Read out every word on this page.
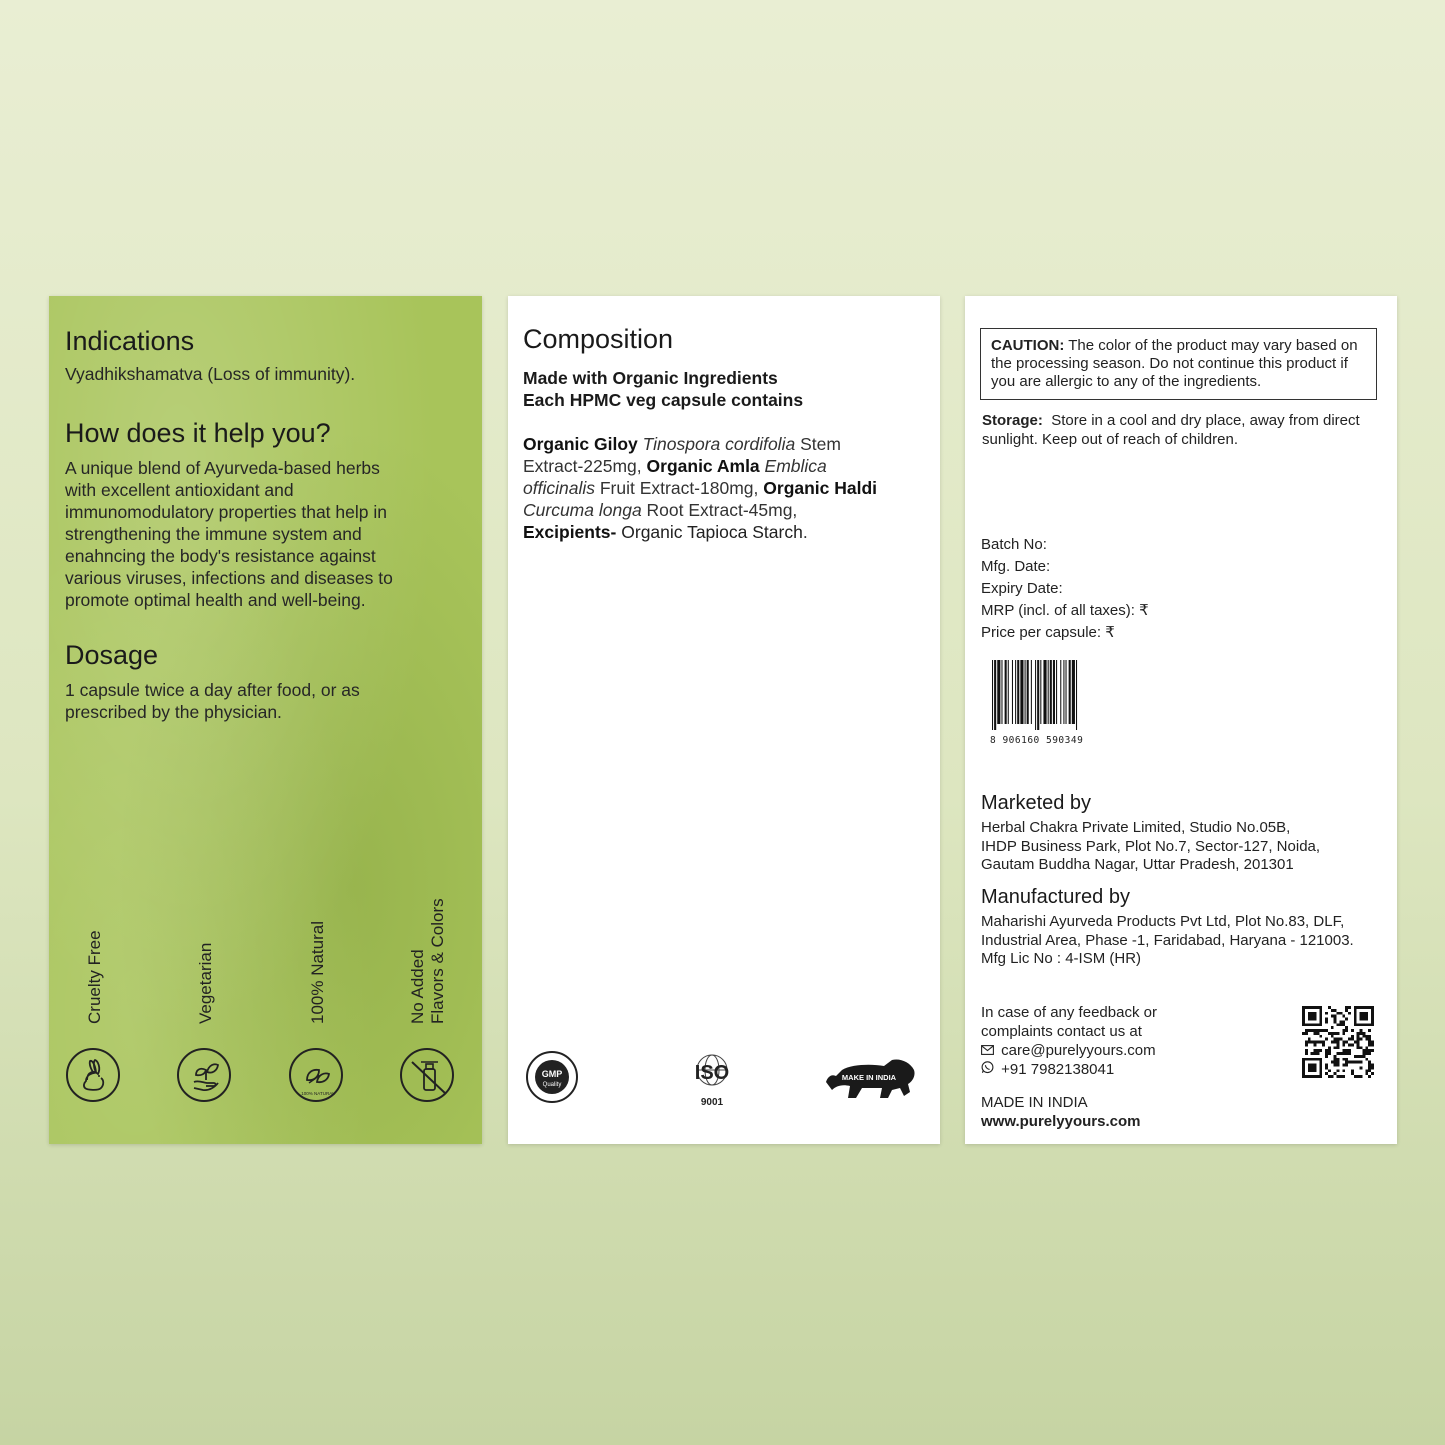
Indications
Vyadhikshamatva (Loss of immunity).
How does it help you?
A unique blend of Ayurveda-based herbs
with excellent antioxidant and
immunomodulatory properties that help in
strengthening the immune system and
enahncing the body's resistance against
various viruses, infections and diseases to
promote optimal health and well-being.
Dosage
1 capsule twice a day after food, or as
prescribed by the physician.
Cruelty Free	Vegetarian	100% Natural	No Added Flavors & Colors
100% NATURAL
Composition
Made with Organic Ingredients
Each HPMC veg capsule contains
Organic Giloy Tinospora cordifolia Stem
Extract-225mg, Organic Amla Emblica
officinalis Fruit Extract-180mg, Organic Haldi
Curcuma longa Root Extract-45mg,
Excipients- Organic Tapioca Starch.
GMP
Quality
ISO
9001
MAKE IN INDIA
CAUTION: The color of the product may vary based on the processing season. Do not continue this product if you are allergic to any of the ingredients.
Storage: Store in a cool and dry place, away from direct sunlight. Keep out of reach of children.
Batch No:
Mfg. Date:
Expiry Date:
MRP (incl. of all taxes): ₹
Price per capsule: ₹
8 906160 590349
Marketed by
Herbal Chakra Private Limited, Studio No.05B,
IHDP Business Park, Plot No.7, Sector-127, Noida,
Gautam Buddha Nagar, Uttar Pradesh, 201301
Manufactured by
Maharishi Ayurveda Products Pvt Ltd, Plot No.83, DLF,
Industrial Area, Phase -1, Faridabad, Haryana - 121003.
Mfg Lic No : 4-ISM (HR)
In case of any feedback or
complaints contact us at
care@purelyyours.com
+91 7982138041
MADE IN INDIA
www.purelyyours.com
